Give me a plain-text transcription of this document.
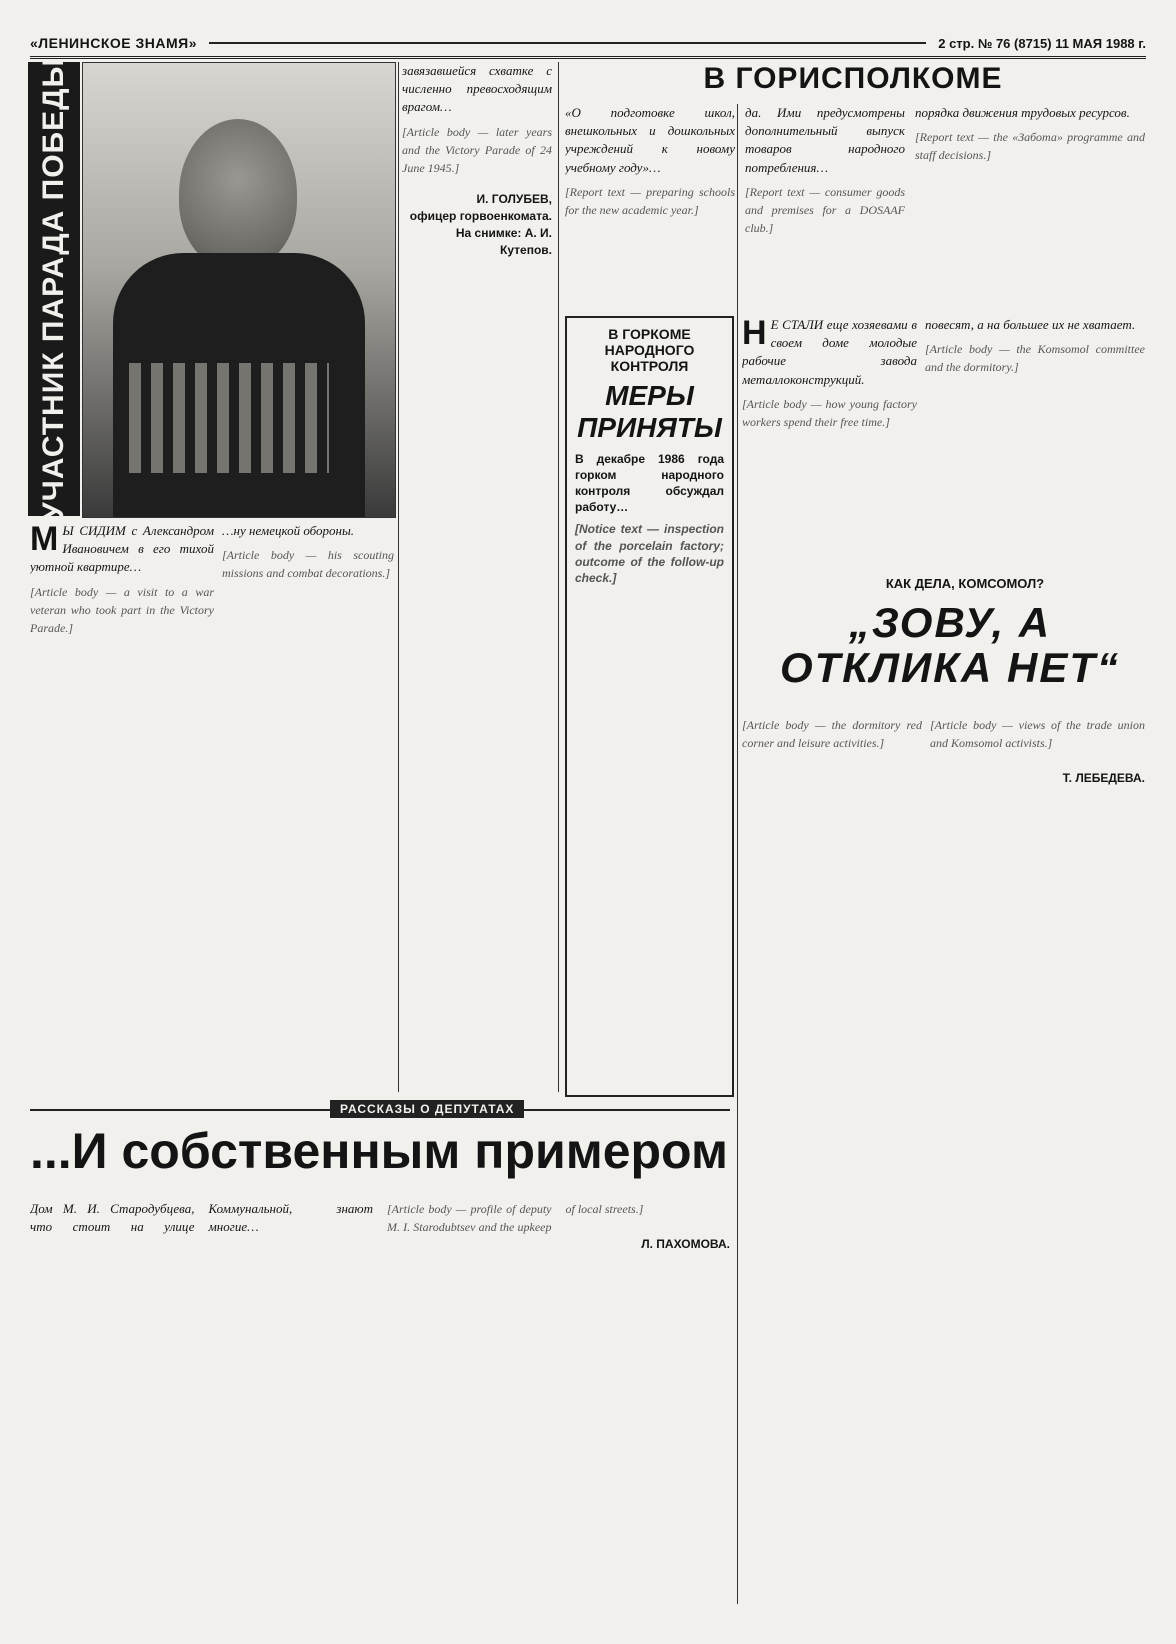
«ЛЕНИНСКОЕ ЗНАМЯ»	2 стр. № 76 (8715) 11 МАЯ 1988 г.
УЧАСТНИК ПАРАДА ПОБЕДЫ	завязавшейся схватке с численно превосходящим врагом…

[Article body — later years and the Victory Parade of 24 June 1945.]

И. ГОЛУБЕВ,
офицер горвоенкомата.
На снимке: А. И. Кутепов.

М Ы СИДИМ с Александром Ивановичем в его тихой уютной квартире…

[Article body — a visit to a war veteran who took part in the Victory Parade.]

…ну немецкой обороны.

[Article body — his scouting missions and combat decorations.]

В ГОРИСПОЛКОМЕ

«О подготовке школ, внешкольных и дошкольных учреждений к новому учебному году»…

[Report text — preparing schools for the new academic year.]

да. Ими предусмотрены дополнительный выпуск товаров народного потребления…

[Report text — consumer goods and premises for a DOSAAF club.]

порядка движения трудовых ресурсов.

[Report text — the «Забота» programme and staff decisions.]

В ГОРКОМЕ НАРОДНОГО КОНТРОЛЯ
МЕРЫ ПРИНЯТЫ

В декабре 1986 года горком народного контроля обсуждал работу…

[Notice text — inspection of the porcelain factory; outcome of the follow-up check.]

Н Е СТАЛИ еще хозяевами в своем доме молодые рабочие завода металлоконструкций.

[Article body — how young factory workers spend their free time.]

повесят, а на большее их не хватает.

[Article body — the Komsomol committee and the dormitory.]

КАК ДЕЛА, КОМСОМОЛ?
„ЗОВУ, А ОТКЛИКА НЕТ“

[Article body — the dormitory red corner and leisure activities.]

[Article body — views of the trade union and Komsomol activists.]

Т. ЛЕБЕДЕВА.

РАССКАЗЫ О ДЕПУТАТАХ
...И собственным примером

Дом М. И. Стародубцева, что стоит на улице Коммунальной, знают многие…

[Article body — profile of deputy M. I. Starodubtsev and the upkeep of local streets.]

Л. ПАХОМОВА.
